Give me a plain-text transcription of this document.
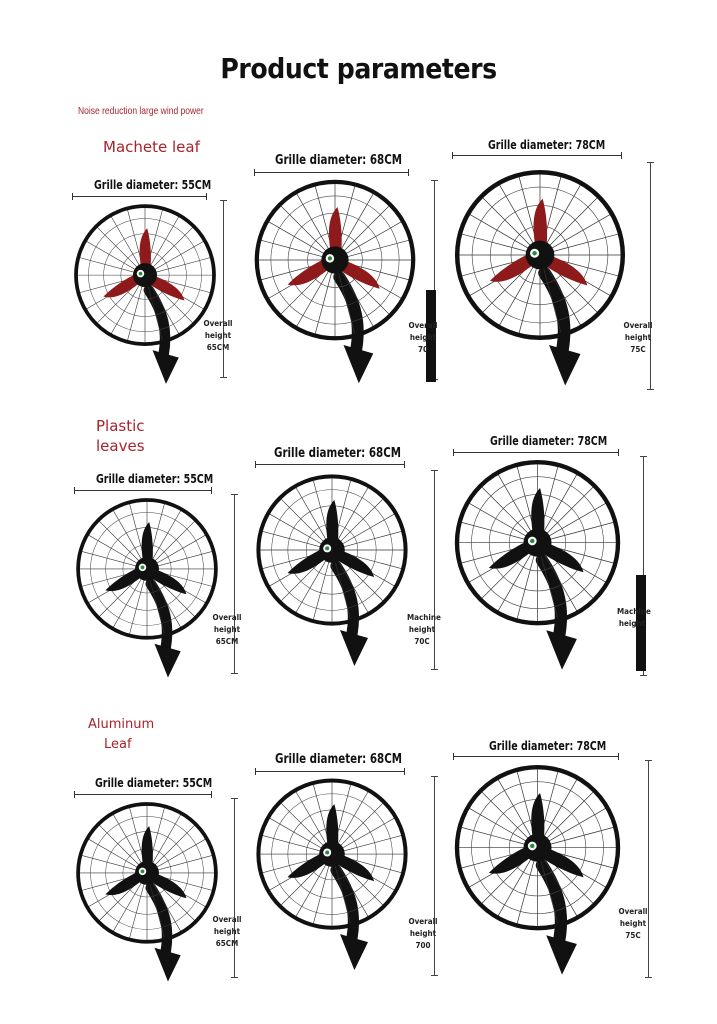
Product parameters
Noise reduction large wind power
Machete leaf
Plastic
leaves
Aluminum
Leaf
Grille diameter: 55CM
Grille diameter: 68CM
Grille diameter: 78CM
Grille diameter: 55CM
Grille diameter: 68CM
Grille diameter: 78CM
Grille diameter: 55CM
Grille diameter: 68CM
Grille diameter: 78CM
Overall
height
65CM
Overall
height
70
Overall
height
75C
Overall
height
65CM
Machine
height
70C
Machine
height
Overall
height
65CM
Overall
height
700
Overall
height
75C
